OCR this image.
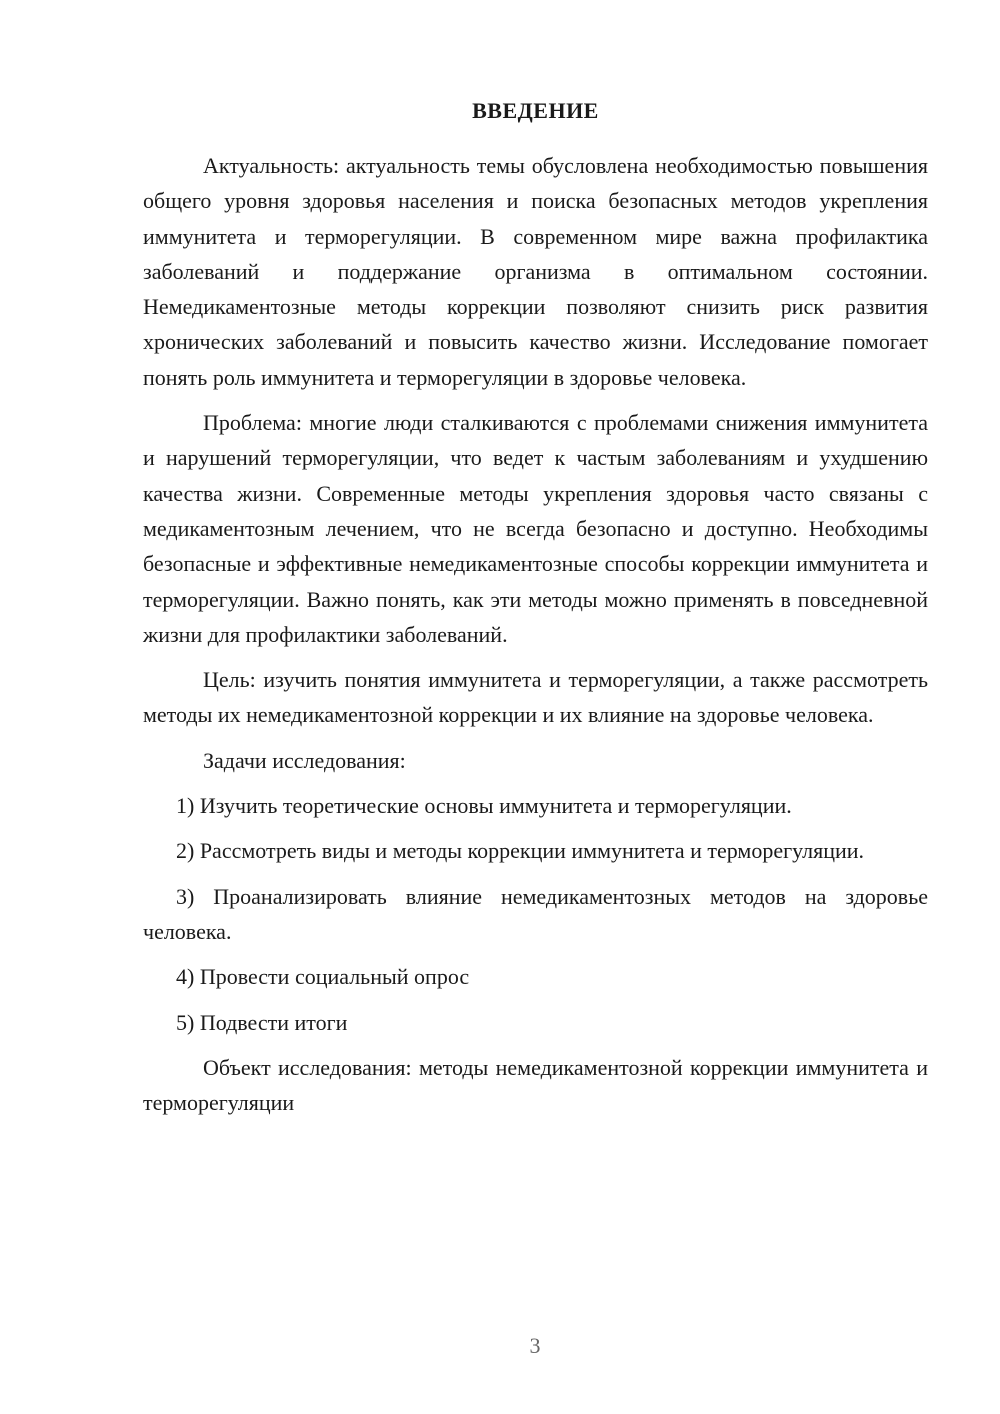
ВВЕДЕНИЕ

Актуальность: актуальность темы обусловлена необходимостью повышения общего уровня здоровья населения и поиска безопасных методов укрепления иммунитета и терморегуляции. В современном мире важна профилактика заболеваний и поддержание организма в оптимальном состоянии. Немедикаментозные методы коррекции позволяют снизить риск развития хронических заболеваний и повысить качество жизни. Исследование помогает понять роль иммунитета и терморегуляции в здоровье человека.

Проблема: многие люди сталкиваются с проблемами снижения иммунитета и нарушений терморегуляции, что ведет к частым заболеваниям и ухудшению качества жизни. Современные методы укрепления здоровья часто связаны с медикаментозным лечением, что не всегда безопасно и доступно. Необходимы безопасные и эффективные немедикаментозные способы коррекции иммунитета и терморегуляции. Важно понять, как эти методы можно применять в повседневной жизни для профилактики заболеваний.

Цель: изучить понятия иммунитета и терморегуляции, а также рассмотреть методы их немедикаментозной коррекции и их влияние на здоровье человека.

Задачи исследования:

1) Изучить теоретические основы иммунитета и терморегуляции.

2) Рассмотреть виды и методы коррекции иммунитета и терморегуляции.

3) Проанализировать влияние немедикаментозных методов на здоровье человека.

4) Провести социальный опрос

5) Подвести итоги

Объект исследования: методы немедикаментозной коррекции иммунитета и терморегуляции

3
